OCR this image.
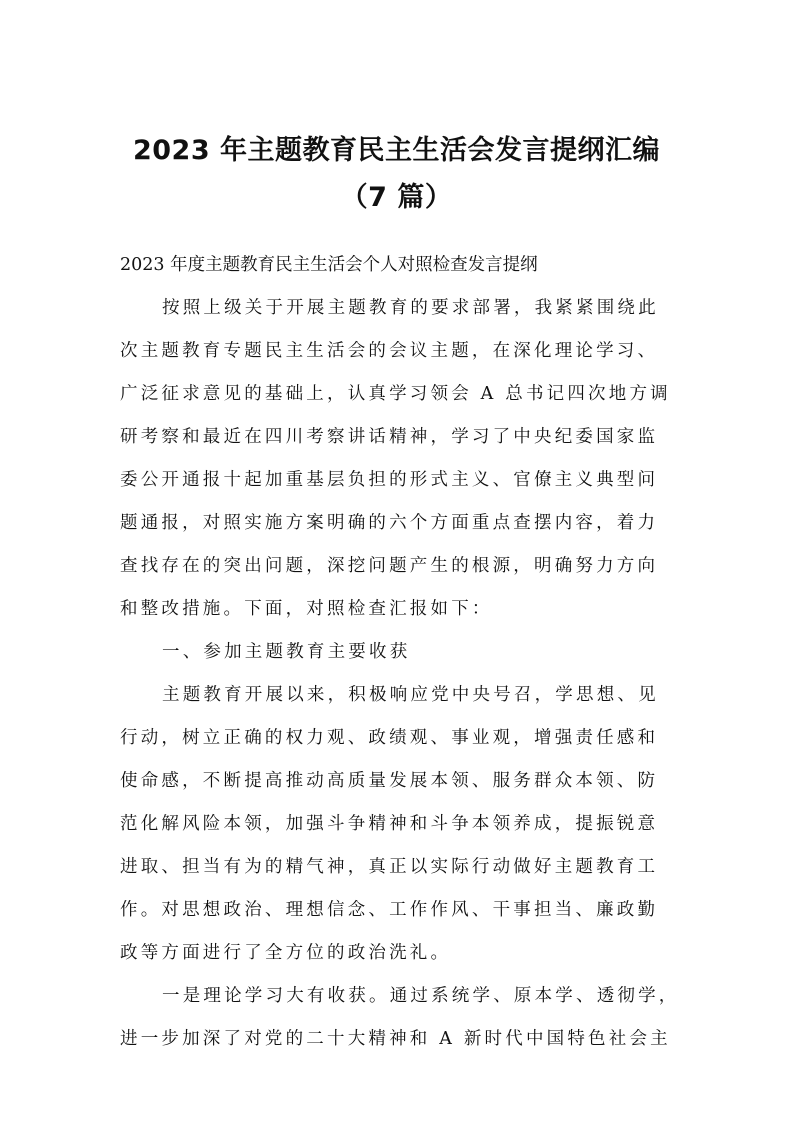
2023 年主题教育民主生活会发言提纲汇编
（7 篇）
2023 年度主题教育民主生活会个人对照检查发言提纲
按照上级关于开展主题教育的要求部署，我紧紧围绕此
次主题教育专题民主生活会的会议主题，在深化理论学习、
广泛征求意见的基础上，认真学习领会 A 总书记四次地方调
研考察和最近在四川考察讲话精神，学习了中央纪委国家监
委公开通报十起加重基层负担的形式主义、官僚主义典型问
题通报，对照实施方案明确的六个方面重点查摆内容，着力
查找存在的突出问题，深挖问题产生的根源，明确努力方向
和整改措施。下面，对照检查汇报如下：
一、参加主题教育主要收获
主题教育开展以来，积极响应党中央号召，学思想、见
行动，树立正确的权力观、政绩观、事业观，增强责任感和
使命感，不断提高推动高质量发展本领、服务群众本领、防
范化解风险本领，加强斗争精神和斗争本领养成，提振锐意
进取、担当有为的精气神，真正以实际行动做好主题教育工
作。对思想政治、理想信念、工作作风、干事担当、廉政勤
政等方面进行了全方位的政治洗礼。
一是理论学习大有收获。通过系统学、原本学、透彻学，
进一步加深了对党的二十大精神和 A 新时代中国特色社会主
